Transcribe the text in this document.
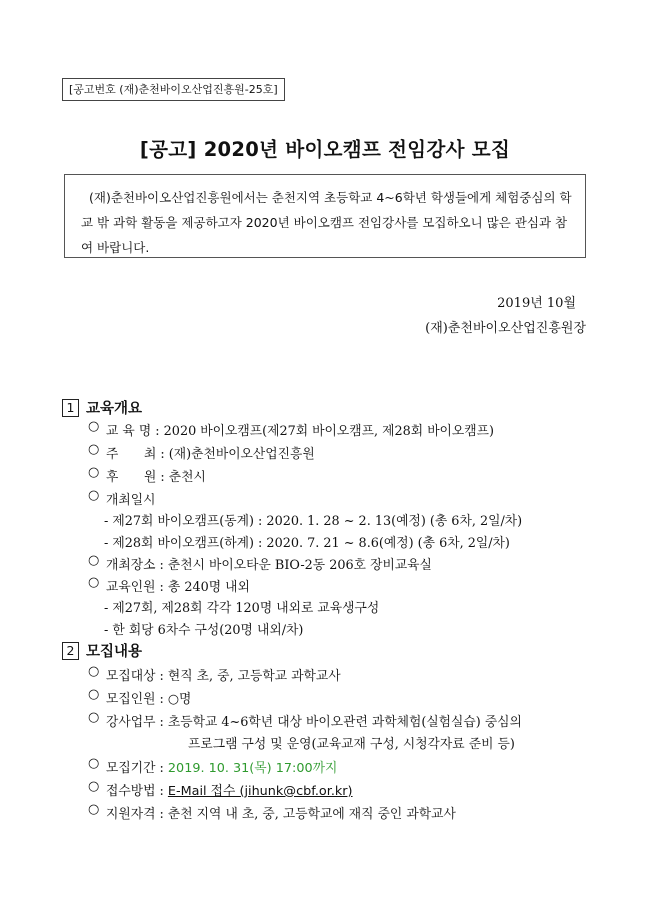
[공고번호 (재)춘천바이오산업진흥원-25호]
[공고] 2020년 바이오캠프 전임강사 모집
(재)춘천바이오산업진흥원에서는 춘천지역 초등학교 4~6학년 학생들에게 체험중심의 학교 밖 과학 활동을 제공하고자 2020년 바이오캠프 전임강사를 모집하오니 많은 관심과 참여 바랍니다.
2019년 10월
(재)춘천바이오산업진흥원장
1 교육개요
○ 교 육 명 : 2020 바이오캠프(제27회 바이오캠프, 제28회 바이오캠프)
○ 주　　최 : (재)춘천바이오산업진흥원
○ 후　　원 : 춘천시
○ 개최일시
- 제27회 바이오캠프(동계) : 2020. 1. 28 ~ 2. 13(예정) (총 6차, 2일/차)
- 제28회 바이오캠프(하계) : 2020. 7. 21 ~ 8.6(예정) (총 6차, 2일/차)
○ 개최장소 : 춘천시 바이오타운 BIO-2동 206호 장비교육실
○ 교육인원 : 총 240명 내외
- 제27회, 제28회 각각 120명 내외로 교육생구성
- 한 회당 6차수 구성(20명 내외/차)
2 모집내용
○ 모집대상 : 현직 초, 중, 고등학교 과학교사
○ 모집인원 : ○명
○ 강사업무 : 초등학교 4~6학년 대상 바이오관련 과학체험(실험실습) 중심의
프로그램 구성 및 운영(교육교재 구성, 시청각자료 준비 등)
○ 모집기간 : 2019. 10. 31(목) 17:00까지
○ 접수방법 : E-Mail 접수 (jihunk@cbf.or.kr)
○ 지원자격 : 춘천 지역 내 초, 중, 고등학교에 재직 중인 과학교사
